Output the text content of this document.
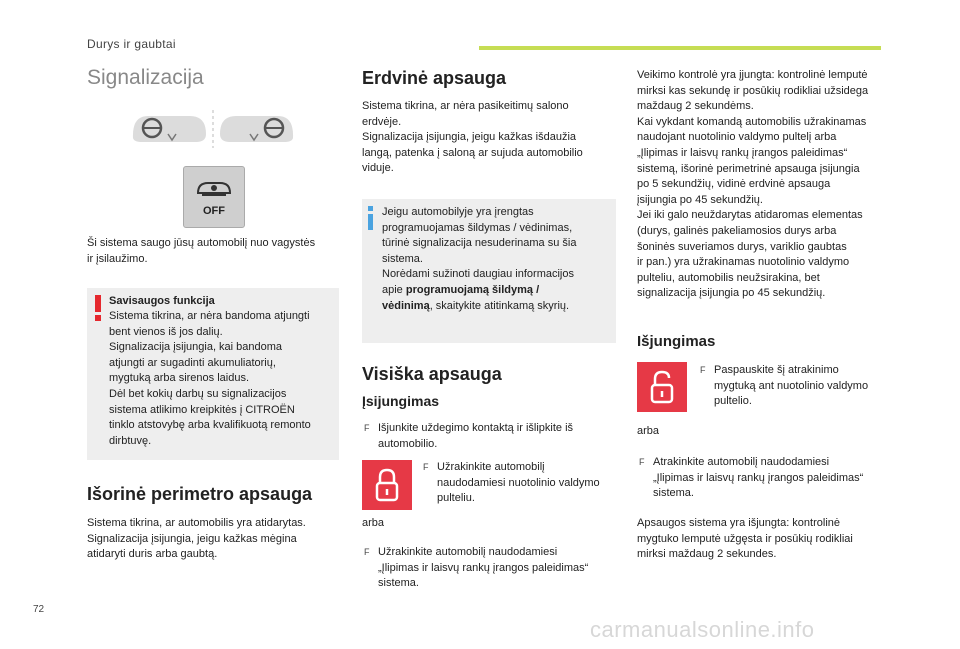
Durys ir gaubtai
Signalizacija
OFF
Ši sistema saugo jūsų automobilį nuo vagystės
ir įsilaužimo.
Savisaugos funkcija
Sistema tikrina, ar nėra bandoma atjungti
bent vienos iš jos dalių.
Signalizacija įsijungia, kai bandoma
atjungti ar sugadinti akumuliatorių,
mygtuką arba sirenos laidus.
Dėl bet kokių darbų su signalizacijos
sistema atlikimo kreipkitės į CITROËN
tinklo atstovybę arba kvalifikuotą remonto
dirbtuvę.
Išorinė perimetro apsauga
Sistema tikrina, ar automobilis yra atidarytas.
Signalizacija įsijungia, jeigu kažkas mėgina
atidaryti duris arba gaubtą.
Erdvinė apsauga
Sistema tikrina, ar nėra pasikeitimų salono
erdvėje.
Signalizacija įsijungia, jeigu kažkas išdaužia
langą, patenka į saloną ar sujuda automobilio
viduje.
Jeigu automobilyje yra įrengtas
programuojamas šildymas / vėdinimas,
tūrinė signalizacija nesuderinama su šia
sistema.
Norėdami sužinoti daugiau informacijos
apie programuojamą šildymą /
vėdinimą, skaitykite atitinkamą skyrių.
Visiška apsauga
Įsijungimas
F Išjunkite uždegimo kontaktą ir išlipkite iš
automobilio.
F Užrakinkite automobilį
naudodamiesi nuotolinio valdymo
pulteliu.
arba
F Užrakinkite automobilį naudodamiesi
„Įlipimas ir laisvų rankų įrangos paleidimas“
sistema.
Veikimo kontrolė yra įjungta: kontrolinė lemputė
mirksi kas sekundę ir posūkių rodikliai užsidega
maždaug 2 sekundėms.
Kai vykdant komandą automobilis užrakinamas
naudojant nuotolinio valdymo pultelį arba
„Įlipimas ir laisvų rankų įrangos paleidimas“
sistemą, išorinė perimetrinė apsauga įsijungia
po 5 sekundžių, vidinė erdvinė apsauga
įsijungia po 45 sekundžių.
Jei iki galo neuždarytas atidaromas elementas
(durys, galinės pakeliamosios durys arba
šoninės suveriamos durys, variklio gaubtas
ir pan.) yra užrakinamas nuotolinio valdymo
pulteliu, automobilis neužsirakina, bet
signalizacija įsijungia po 45 sekundžių.
Išjungimas
F Paspauskite šį atrakinimo
mygtuką ant nuotolinio valdymo
pultelio.
arba
F Atrakinkite automobilį naudodamiesi
„Įlipimas ir laisvų rankų įrangos paleidimas“
sistema.
Apsaugos sistema yra išjungta: kontrolinė
mygtuko lemputė užgęsta ir posūkių rodikliai
mirksi maždaug 2 sekundes.
72
carmanualsonline.info
